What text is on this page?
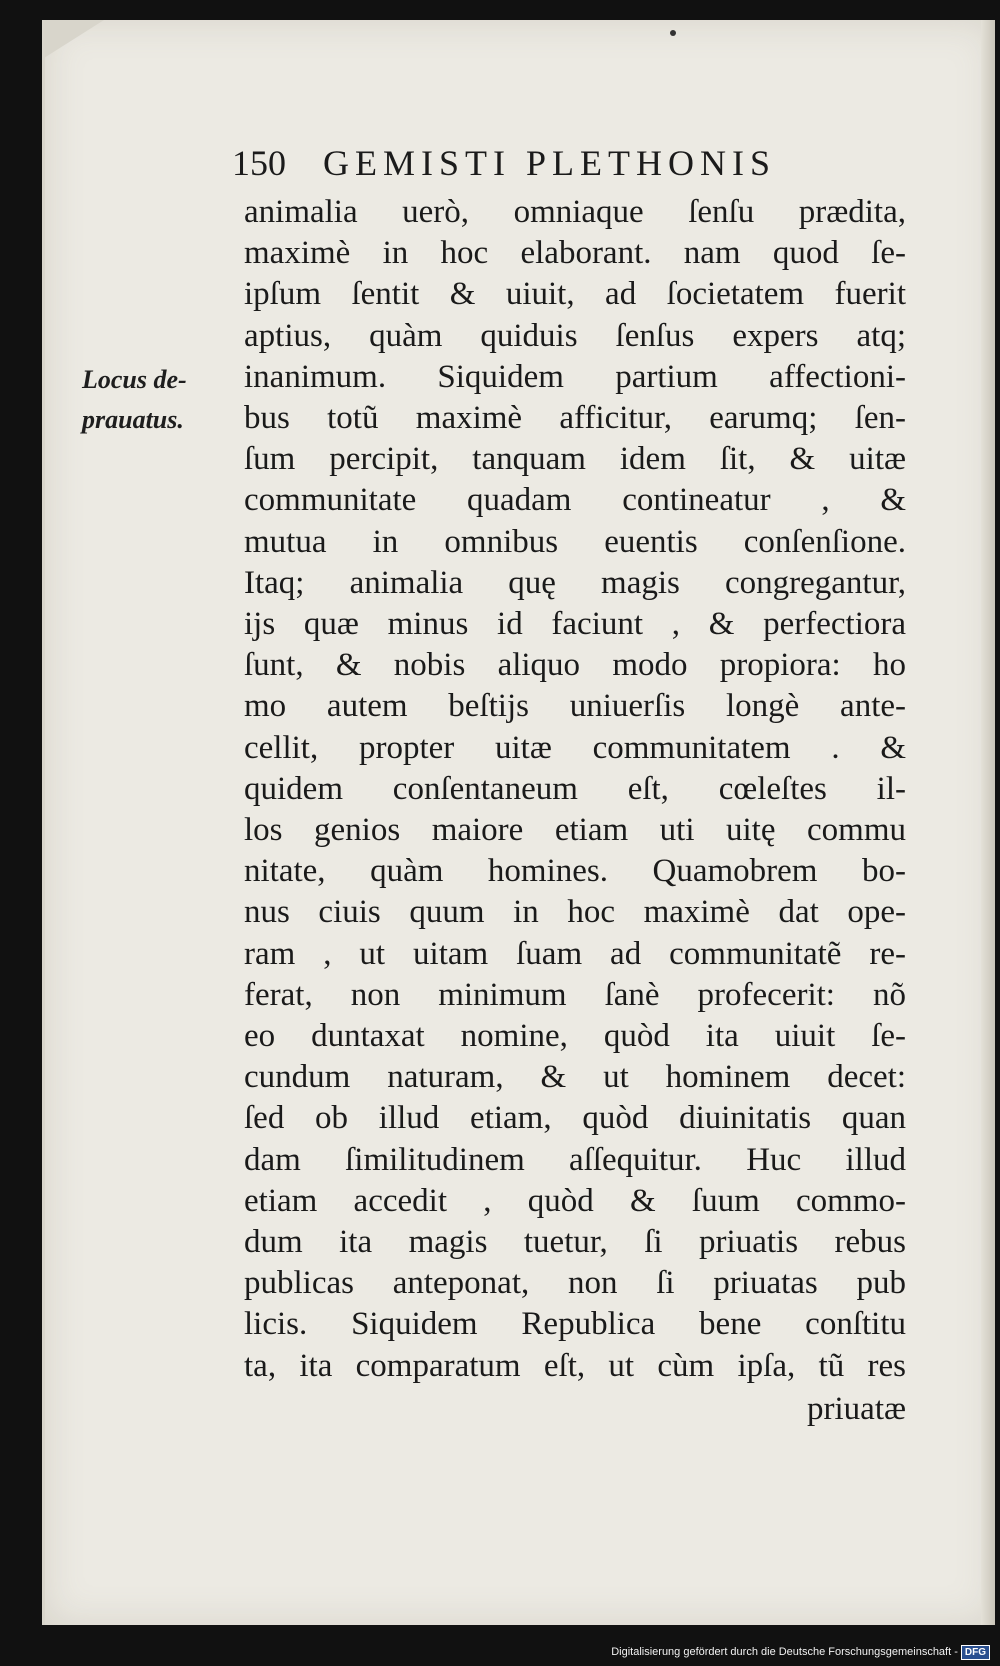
150 GEMISTI PLETHONIS
Locus de-
prauatus.
animalia uerò, omniaque ſenſu prædita,
maximè in hoc elaborant. nam quod ſe-
ipſum ſentit & uiuit, ad ſocietatem fuerit
aptius, quàm quiduis ſenſus expers atq;
inanimum. Siquidem partium affectioni-
bus totũ maximè afficitur, earumq; ſen-
ſum percipit, tanquam idem ſit, & uitæ
communitate quadam contineatur , &
mutua in omnibus euentis conſenſione.
Itaq; animalia quę magis congregantur,
ijs quæ minus id faciunt , & perfectiora
ſunt, & nobis aliquo modo propiora: ho
mo autem beſtijs uniuerſis longè ante-
cellit, propter uitæ communitatem . &
quidem conſentaneum eſt, cœleſtes il-
los genios maiore etiam uti uitę commu
nitate, quàm homines. Quamobrem bo-
nus ciuis quum in hoc maximè dat ope-
ram , ut uitam ſuam ad communitatẽ re-
ferat, non minimum ſanè profecerit: nõ
eo duntaxat nomine, quòd ita uiuit ſe-
cundum naturam, & ut hominem decet:
ſed ob illud etiam, quòd diuinitatis quan
dam ſimilitudinem aſſequitur. Huc illud
etiam accedit , quòd & ſuum commo-
dum ita magis tuetur, ſi priuatis rebus
publicas anteponat, non ſi priuatas pub
licis. Siquidem Republica bene conſtitu
ta, ita comparatum eſt, ut cùm ipſa, tũ res
priuatæ
Digitalisierung gefördert durch die Deutsche Forschungsgemeinschaft - DFG
